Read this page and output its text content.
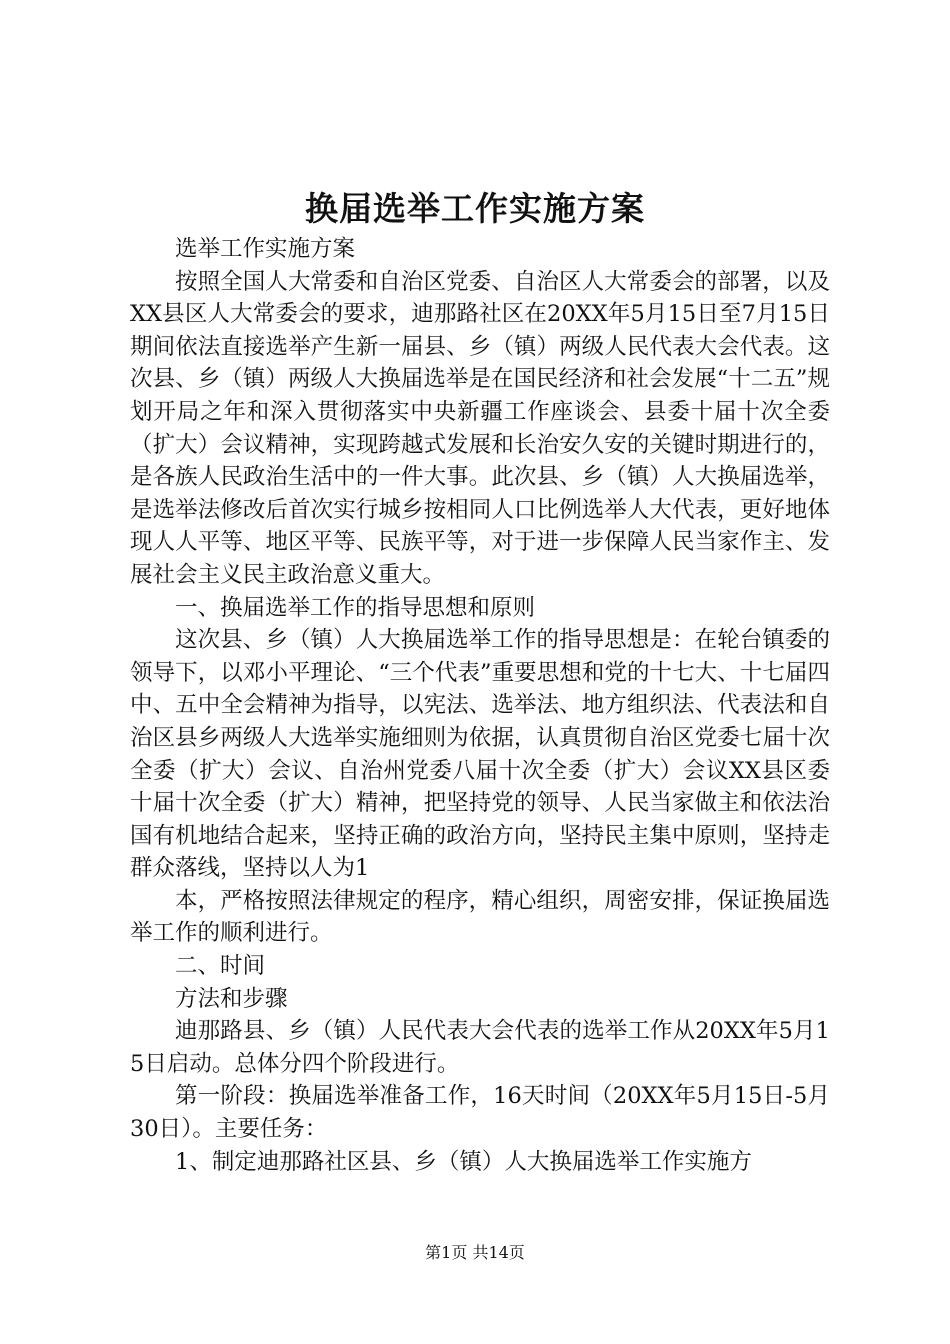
换届选举工作实施方案

选举工作实施方案

按照全国人大常委和自治区党委、自治区人大常委会的部署，以及XX县区人大常委会的要求，迪那路社区在20XX年5月15日至7月15日期间依法直接选举产生新一届县、乡（镇）两级人民代表大会代表。这次县、乡（镇）两级人大换届选举是在国民经济和社会发展“十二五”规划开局之年和深入贯彻落实中央新疆工作座谈会、县委十届十次全委（扩大）会议精神，实现跨越式发展和长治安久安的关键时期进行的，是各族人民政治生活中的一件大事。此次县、乡（镇）人大换届选举，是选举法修改后首次实行城乡按相同人口比例选举人大代表，更好地体现人人平等、地区平等、民族平等，对于进一步保障人民当家作主、发展社会主义民主政治意义重大。

一、换届选举工作的指导思想和原则

这次县、乡（镇）人大换届选举工作的指导思想是：在轮台镇委的领导下，以邓小平理论、“三个代表”重要思想和党的十七大、十七届四中、五中全会精神为指导，以宪法、选举法、地方组织法、代表法和自治区县乡两级人大选举实施细则为依据，认真贯彻自治区党委七届十次全委（扩大）会议、自治州党委八届十次全委（扩大）会议XX县区委十届十次全委（扩大）精神，把坚持党的领导、人民当家做主和依法治国有机地结合起来，坚持正确的政治方向，坚持民主集中原则，坚持走群众落线，坚持以人为1

本，严格按照法律规定的程序，精心组织，周密安排，保证换届选举工作的顺利进行。

二、时间

方法和步骤

迪那路县、乡（镇）人民代表大会代表的选举工作从20XX年5月15日启动。总体分四个阶段进行。

第一阶段：换届选举准备工作，16天时间（20XX年5月15日-5月30日）。主要任务：

1、制定迪那路社区县、乡（镇）人大换届选举工作实施方

第1页 共14页
